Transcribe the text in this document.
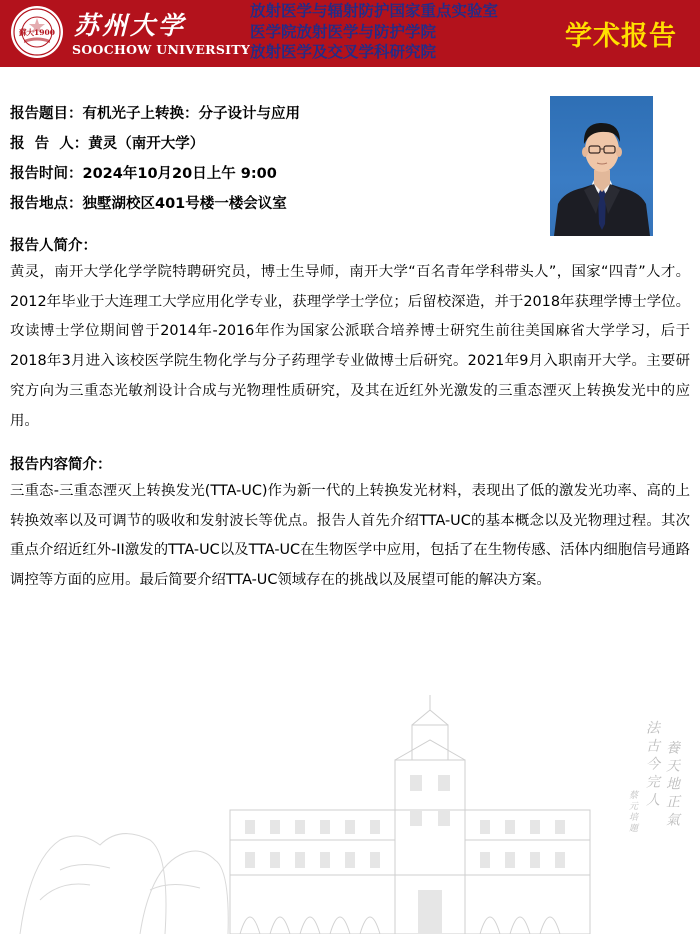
蘇大1900 苏州大学
SOOCHOW UNIVERSITY
放射医学与辐射防护国家重点实验室
医学院放射医学与防护学院
放射医学及交叉学科研究院	学术报告
报告题目：有机光子上转换：分子设计与应用
报  告  人：黄灵（南开大学）
报告时间：2024年10月20日上午 9:00
报告地点：独墅湖校区401号楼一楼会议室
报告人简介：

黄灵，南开大学化学学院特聘研究员，博士生导师，南开大学“百名青年学科带头人”，国家“四青”人才。2012年毕业于大连理工大学应用化学专业，获理学学士学位；后留校深造，并于2018年获理学博士学位。攻读博士学位期间曾于2014年-2016年作为国家公派联合培养博士研究生前往美国麻省大学学习，后于2018年3月进入该校医学院生物化学与分子药理学专业做博士后研究。2021年9月入职南开大学。主要研究方向为三重态光敏剂设计合成与光物理性质研究，及其在近红外光激发的三重态湮灭上转换发光中的应用。

报告内容简介：

三重态-三重态湮灭上转换发光(TTA-UC)作为新一代的上转换发光材料，表现出了低的激发光功率、高的上转换效率以及可调节的吸收和发射波长等优点。报告人首先介绍TTA-UC的基本概念以及光物理过程。其次重点介绍近红外-II激发的TTA-UC以及TTA-UC在生物医学中应用，包括了在生物传感、活体内细胞信号通路调控等方面的应用。最后简要介绍TTA-UC领域存在的挑战以及展望可能的解决方案。

養天地正氣
法古今完人
蔡元培題
